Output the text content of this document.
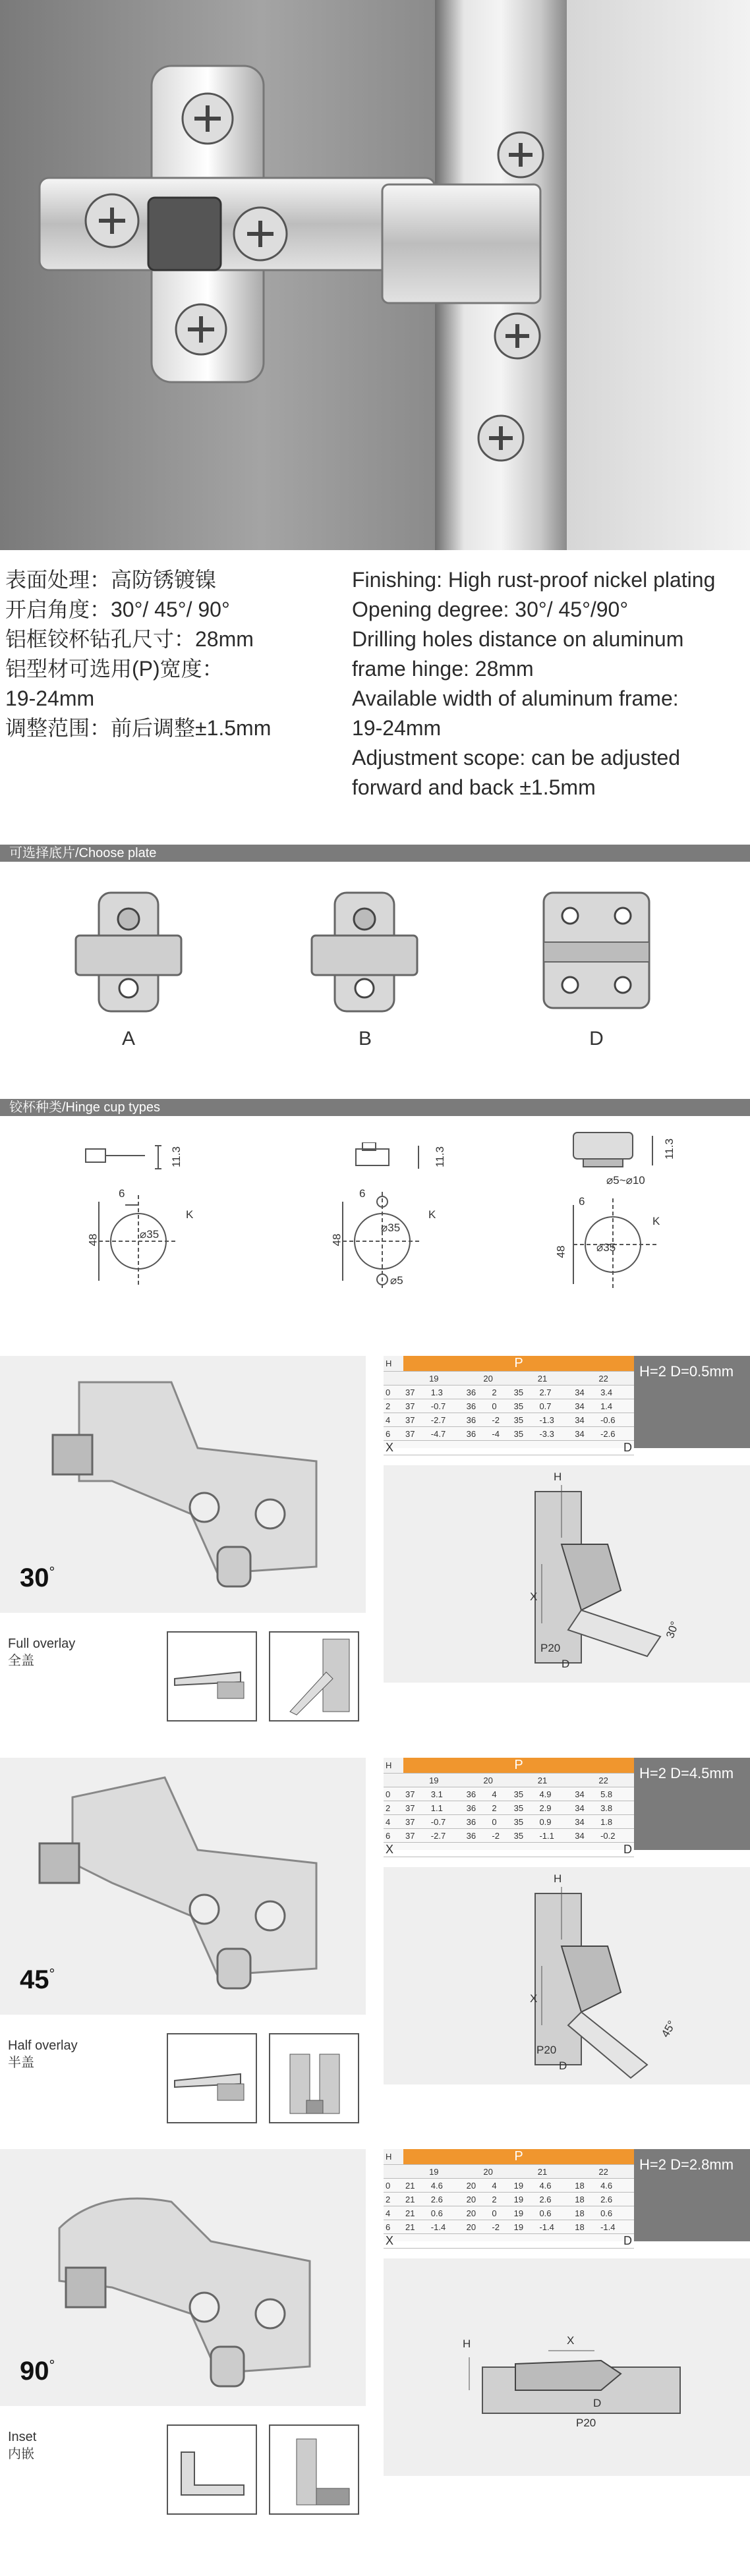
表面处理：高防锈镀镍
开启角度：30°/ 45°/ 90°
铝框铰杯钻孔尺寸：28mm
铝型材可选用(P)宽度：
19-24mm
调整范围：前后调整±1.5mm
Finishing: High rust-proof nickel plating
Opening degree: 30°/ 45°/90°
Drilling holes distance on aluminum
frame hinge: 28mm
Available width of aluminum frame:
19-24mm
Adjustment scope: can be adjusted
forward and back ±1.5mm
可选择底片/Choose plate
A	B	D
铰杯种类/Hinge cup types
11.3
6
K
48	⌀35
11.3
6
K
48
⌀35
⌀5
11.3
⌀5~⌀10
6
K
48	⌀35
30°
Full overlay
全盖
H	P							
	19		20		21		22	
0	37	1.3	36	2	35	2.7	34	3.4
2	37	-0.7	36	0	35	0.7	34	1.4
4	37	-2.7	36	-2	35	-1.3	34	-0.6
6	37	-4.7	36	-4	35	-3.3	34	-2.6
X								D
H=2 D=0.5mm
H
X
P20
D
30°
45°
Half overlay
半盖
H	P							
	19		20		21		22	
0	37	3.1	36	4	35	4.9	34	5.8
2	37	1.1	36	2	35	2.9	34	3.8
4	37	-0.7	36	0	35	0.9	34	1.8
6	37	-2.7	36	-2	35	-1.1	34	-0.2
X								D
H=2 D=4.5mm
H
X
P20
D
45°
90°
Inset
内嵌
H	P							
	19		20		21		22	
0	21	4.6	20	4	19	4.6	18	4.6
2	21	2.6	20	2	19	2.6	18	2.6
4	21	0.6	20	0	19	0.6	18	0.6
6	21	-1.4	20	-2	19	-1.4	18	-1.4
X								D
H=2 D=2.8mm
H	X
P20
D
